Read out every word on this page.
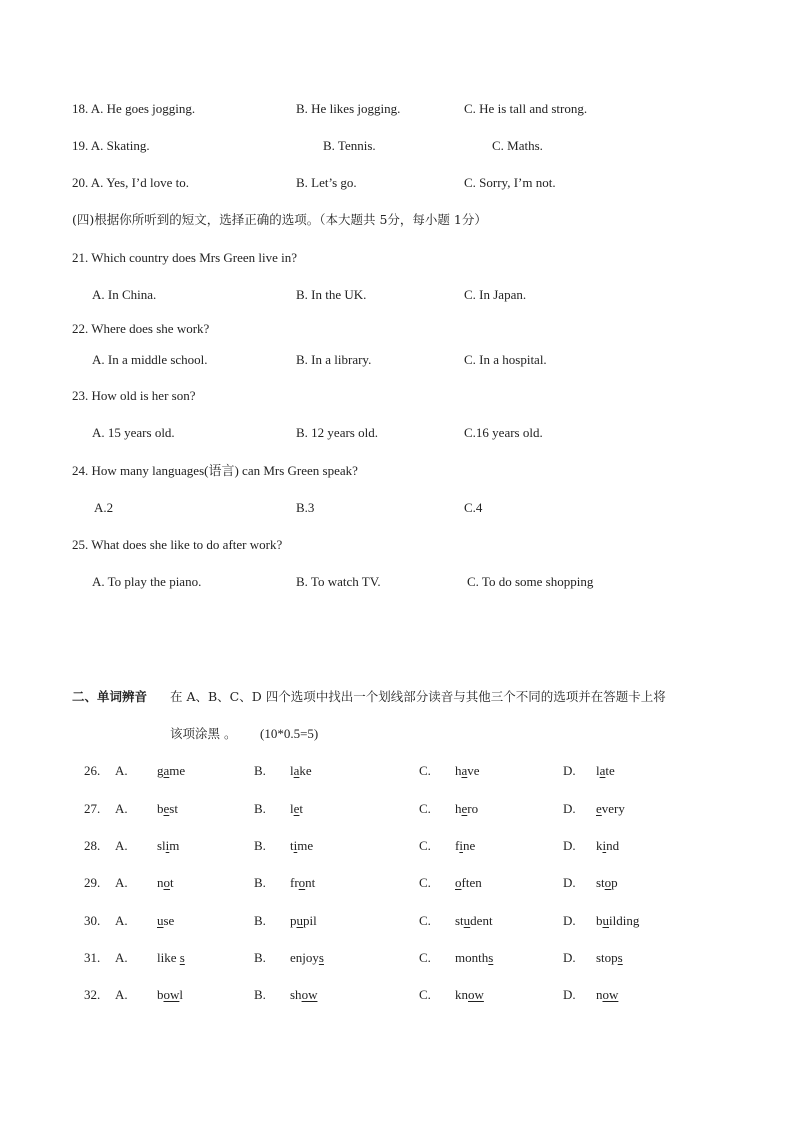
18. A. He goes jogging.	B. He likes jogging.	C. He is tall and strong.
19. A. Skating.	B. Tennis.	C. Maths.
20. A. Yes, I’d love to.	B. Let’s go.	C. Sorry, I’m not.
(四)根据你所听到的短文，选择正确的选项。（本大题共 5分，每小题 1分）
21. Which country does Mrs Green live in?
A. In China.	B. In the UK.	C. In Japan.
22. Where does she work?
A. In a middle school.	B. In a library.	C. In a hospital.
23. How old is her son?
A. 15 years old.	B. 12 years old.	C.16 years old.
24. How many languages(语言) can Mrs Green speak?
A.2	B.3	C.4
25. What does she like to do after work?
A. To play the piano.	B. To watch TV.	C. To do some shopping
二、单词辨音 在 A、B、C、D 四个选项中找出一个划线部分读音与其他三个不同的选项并在答题卡上将
该项涂黑 。 (10*0.5=5)
26. A. game	B. lake	C. have	D. late
27. A. best	B. let	C. hero	D. every
28. A. slim	B. time	C. fine	D. kind
29. A. not	B. front	C. often	D. stop
30. A. use	B. pupil	C. student	D. building
31. A. like s	B. enjoys	C. months	D. stops
32. A. bowl	B. show	C. know	D. now
